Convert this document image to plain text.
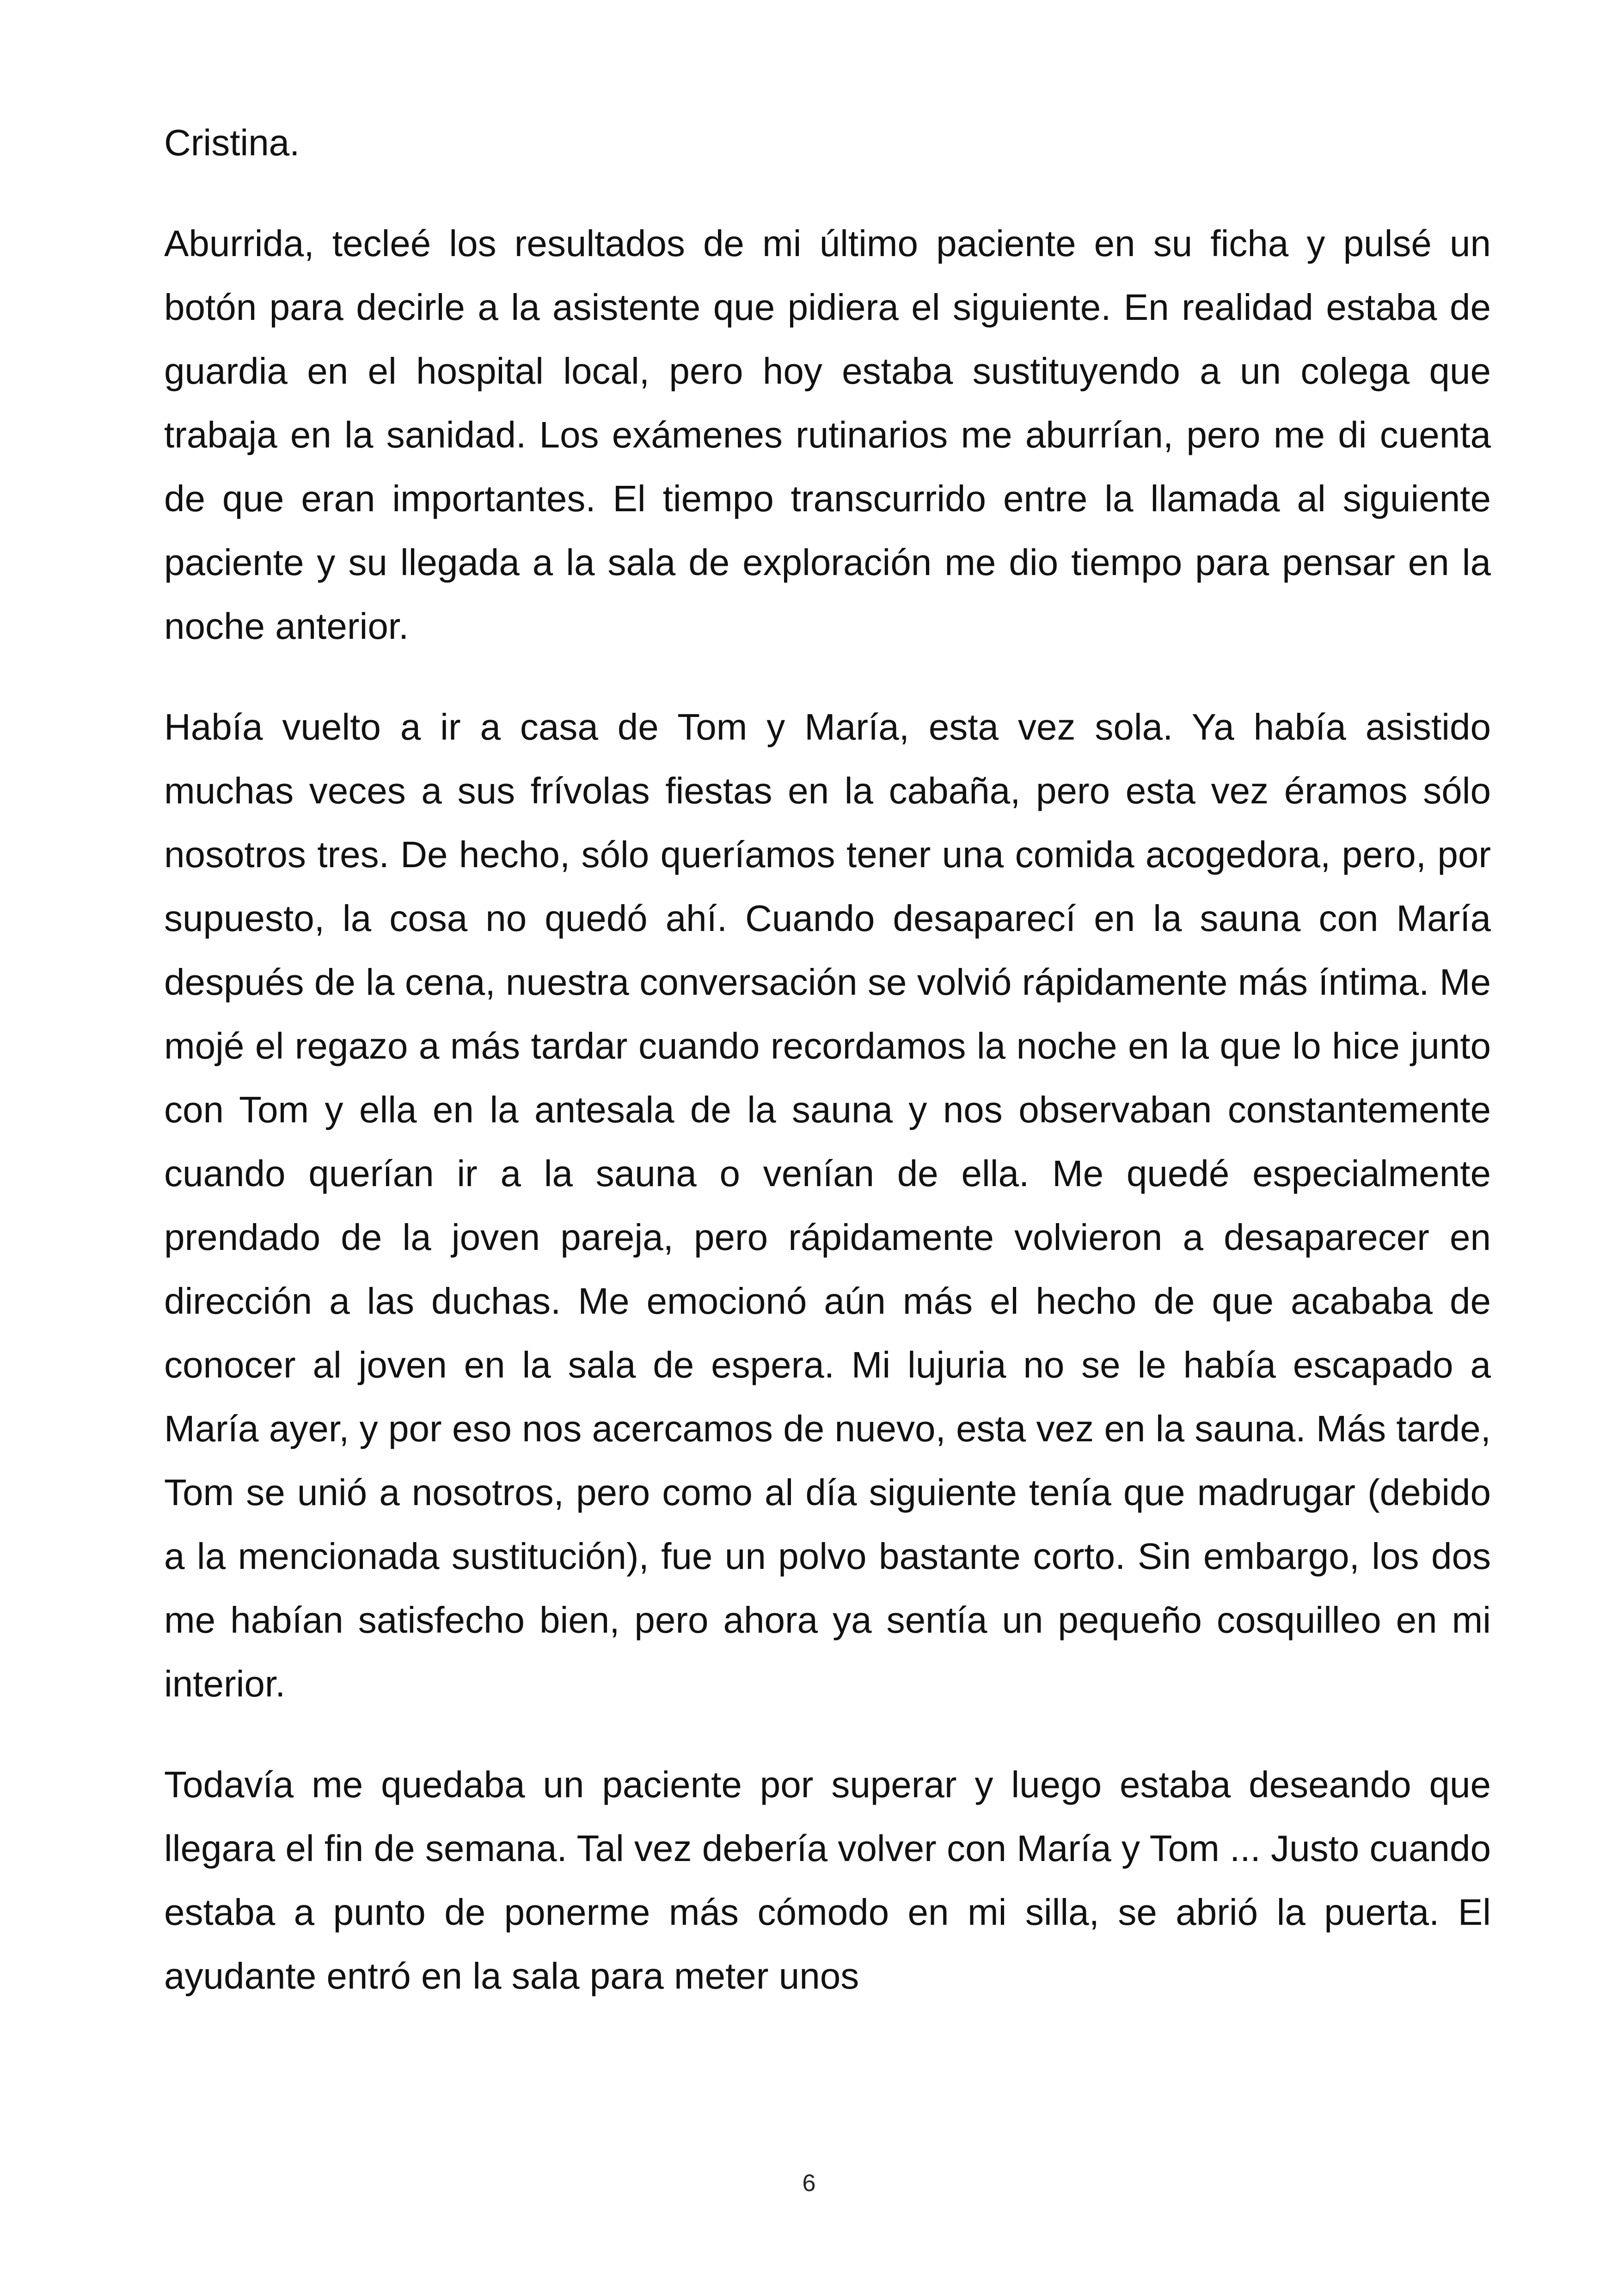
Cristina.

Aburrida, tecleé los resultados de mi último paciente en su ficha y pulsé un botón para decirle a la asistente que pidiera el siguiente. En realidad estaba de guardia en el hospital local, pero hoy estaba sustituyendo a un colega que trabaja en la sanidad. Los exámenes rutinarios me aburrían, pero me di cuenta de que eran importantes. El tiempo transcurrido entre la llamada al siguiente paciente y su llegada a la sala de exploración me dio tiempo para pensar en la noche anterior.

Había vuelto a ir a casa de Tom y María, esta vez sola. Ya había asistido muchas veces a sus frívolas fiestas en la cabaña, pero esta vez éramos sólo nosotros tres. De hecho, sólo queríamos tener una comida acogedora, pero, por supuesto, la cosa no quedó ahí. Cuando desaparecí en la sauna con María después de la cena, nuestra conversación se volvió rápidamente más íntima. Me mojé el regazo a más tardar cuando recordamos la noche en la que lo hice junto con Tom y ella en la antesala de la sauna y nos observaban constantemente cuando querían ir a la sauna o venían de ella. Me quedé especialmente prendado de la joven pareja, pero rápidamente volvieron a desaparecer en dirección a las duchas. Me emocionó aún más el hecho de que acababa de conocer al joven en la sala de espera. Mi lujuria no se le había escapado a María ayer, y por eso nos acercamos de nuevo, esta vez en la sauna. Más tarde, Tom se unió a nosotros, pero como al día siguiente tenía que madrugar (debido a la mencionada sustitución), fue un polvo bastante corto. Sin embargo, los dos me habían satisfecho bien, pero ahora ya sentía un pequeño cosquilleo en mi interior.

Todavía me quedaba un paciente por superar y luego estaba deseando que llegara el fin de semana. Tal vez debería volver con María y Tom ... Justo cuando estaba a punto de ponerme más cómodo en mi silla, se abrió la puerta. El ayudante entró en la sala para meter unos

6
